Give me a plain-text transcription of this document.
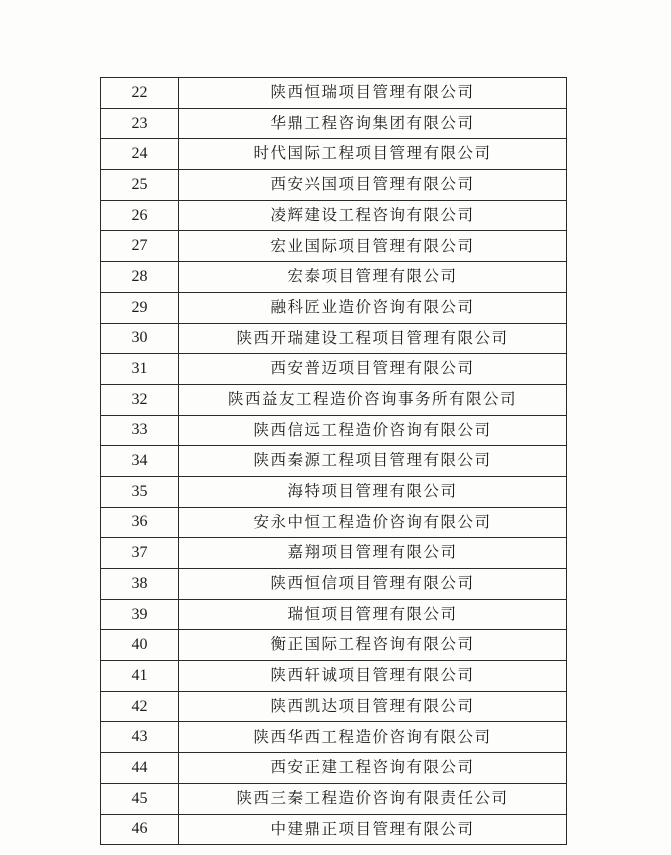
22	陕西恒瑞项目管理有限公司
23	华鼎工程咨询集团有限公司
24	时代国际工程项目管理有限公司
25	西安兴国项目管理有限公司
26	凌辉建设工程咨询有限公司
27	宏业国际项目管理有限公司
28	宏泰项目管理有限公司
29	融科匠业造价咨询有限公司
30	陕西开瑞建设工程项目管理有限公司
31	西安普迈项目管理有限公司
32	陕西益友工程造价咨询事务所有限公司
33	陕西信远工程造价咨询有限公司
34	陕西秦源工程项目管理有限公司
35	海特项目管理有限公司
36	安永中恒工程造价咨询有限公司
37	嘉翔项目管理有限公司
38	陕西恒信项目管理有限公司
39	瑞恒项目管理有限公司
40	衡正国际工程咨询有限公司
41	陕西轩诚项目管理有限公司
42	陕西凯达项目管理有限公司
43	陕西华西工程造价咨询有限公司
44	西安正建工程咨询有限公司
45	陕西三秦工程造价咨询有限责任公司
46	中建鼎正项目管理有限公司
